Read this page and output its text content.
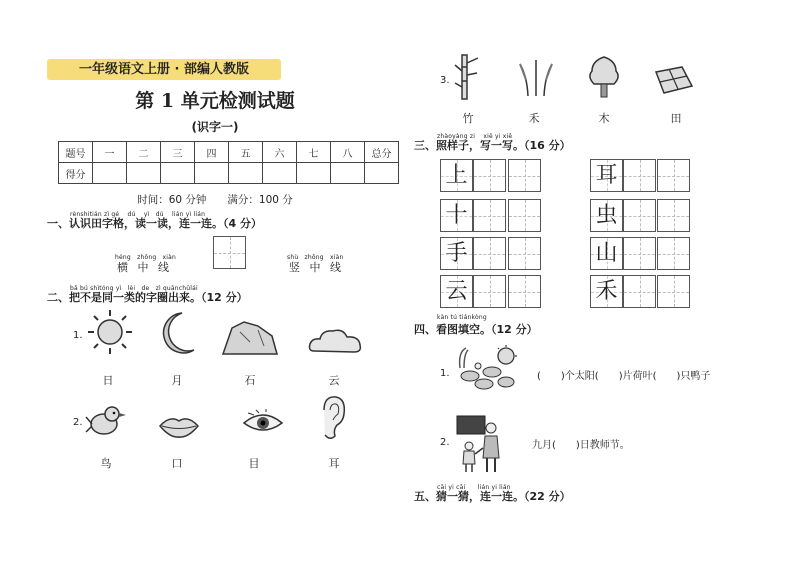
一年级语文上册 · 部编人教版
第 1 单元检测试题
(识字一)
题号	一	二	三	四	五	六	七	八	总分
得分									
时间：60 分钟　　满分：100 分
rènshitián zì gé　 dú　 yì　dú　 lián yì lián
一、认识田字格，读一读，连一连。（4 分）
héng　zhōng　xiàn
横 中 线
shù　zhōng　xiàn
竖 中 线
bǎ bú shìtóng yì　lèi　de　zì quānchūlái
二、把不是同一类的字圈出来。（12 分）
1.
日	月	石	云
2.
鸟	口	目	耳
3.
竹	禾	木	田
zhàoyàng zi　 xiě yi xiě
三、照样子，写一写。（16 分）
上
十
手
云
耳
虫
山
禾
kàn tú tiánkòng
四、看图填空。（12 分）
1.	(　　)个太阳(　　)片荷叶(　　)只鸭子
2.	九月(　　)日教师节。
cāi yi cāi　　lián yi lián
五、猜一猜，连一连。（22 分）
